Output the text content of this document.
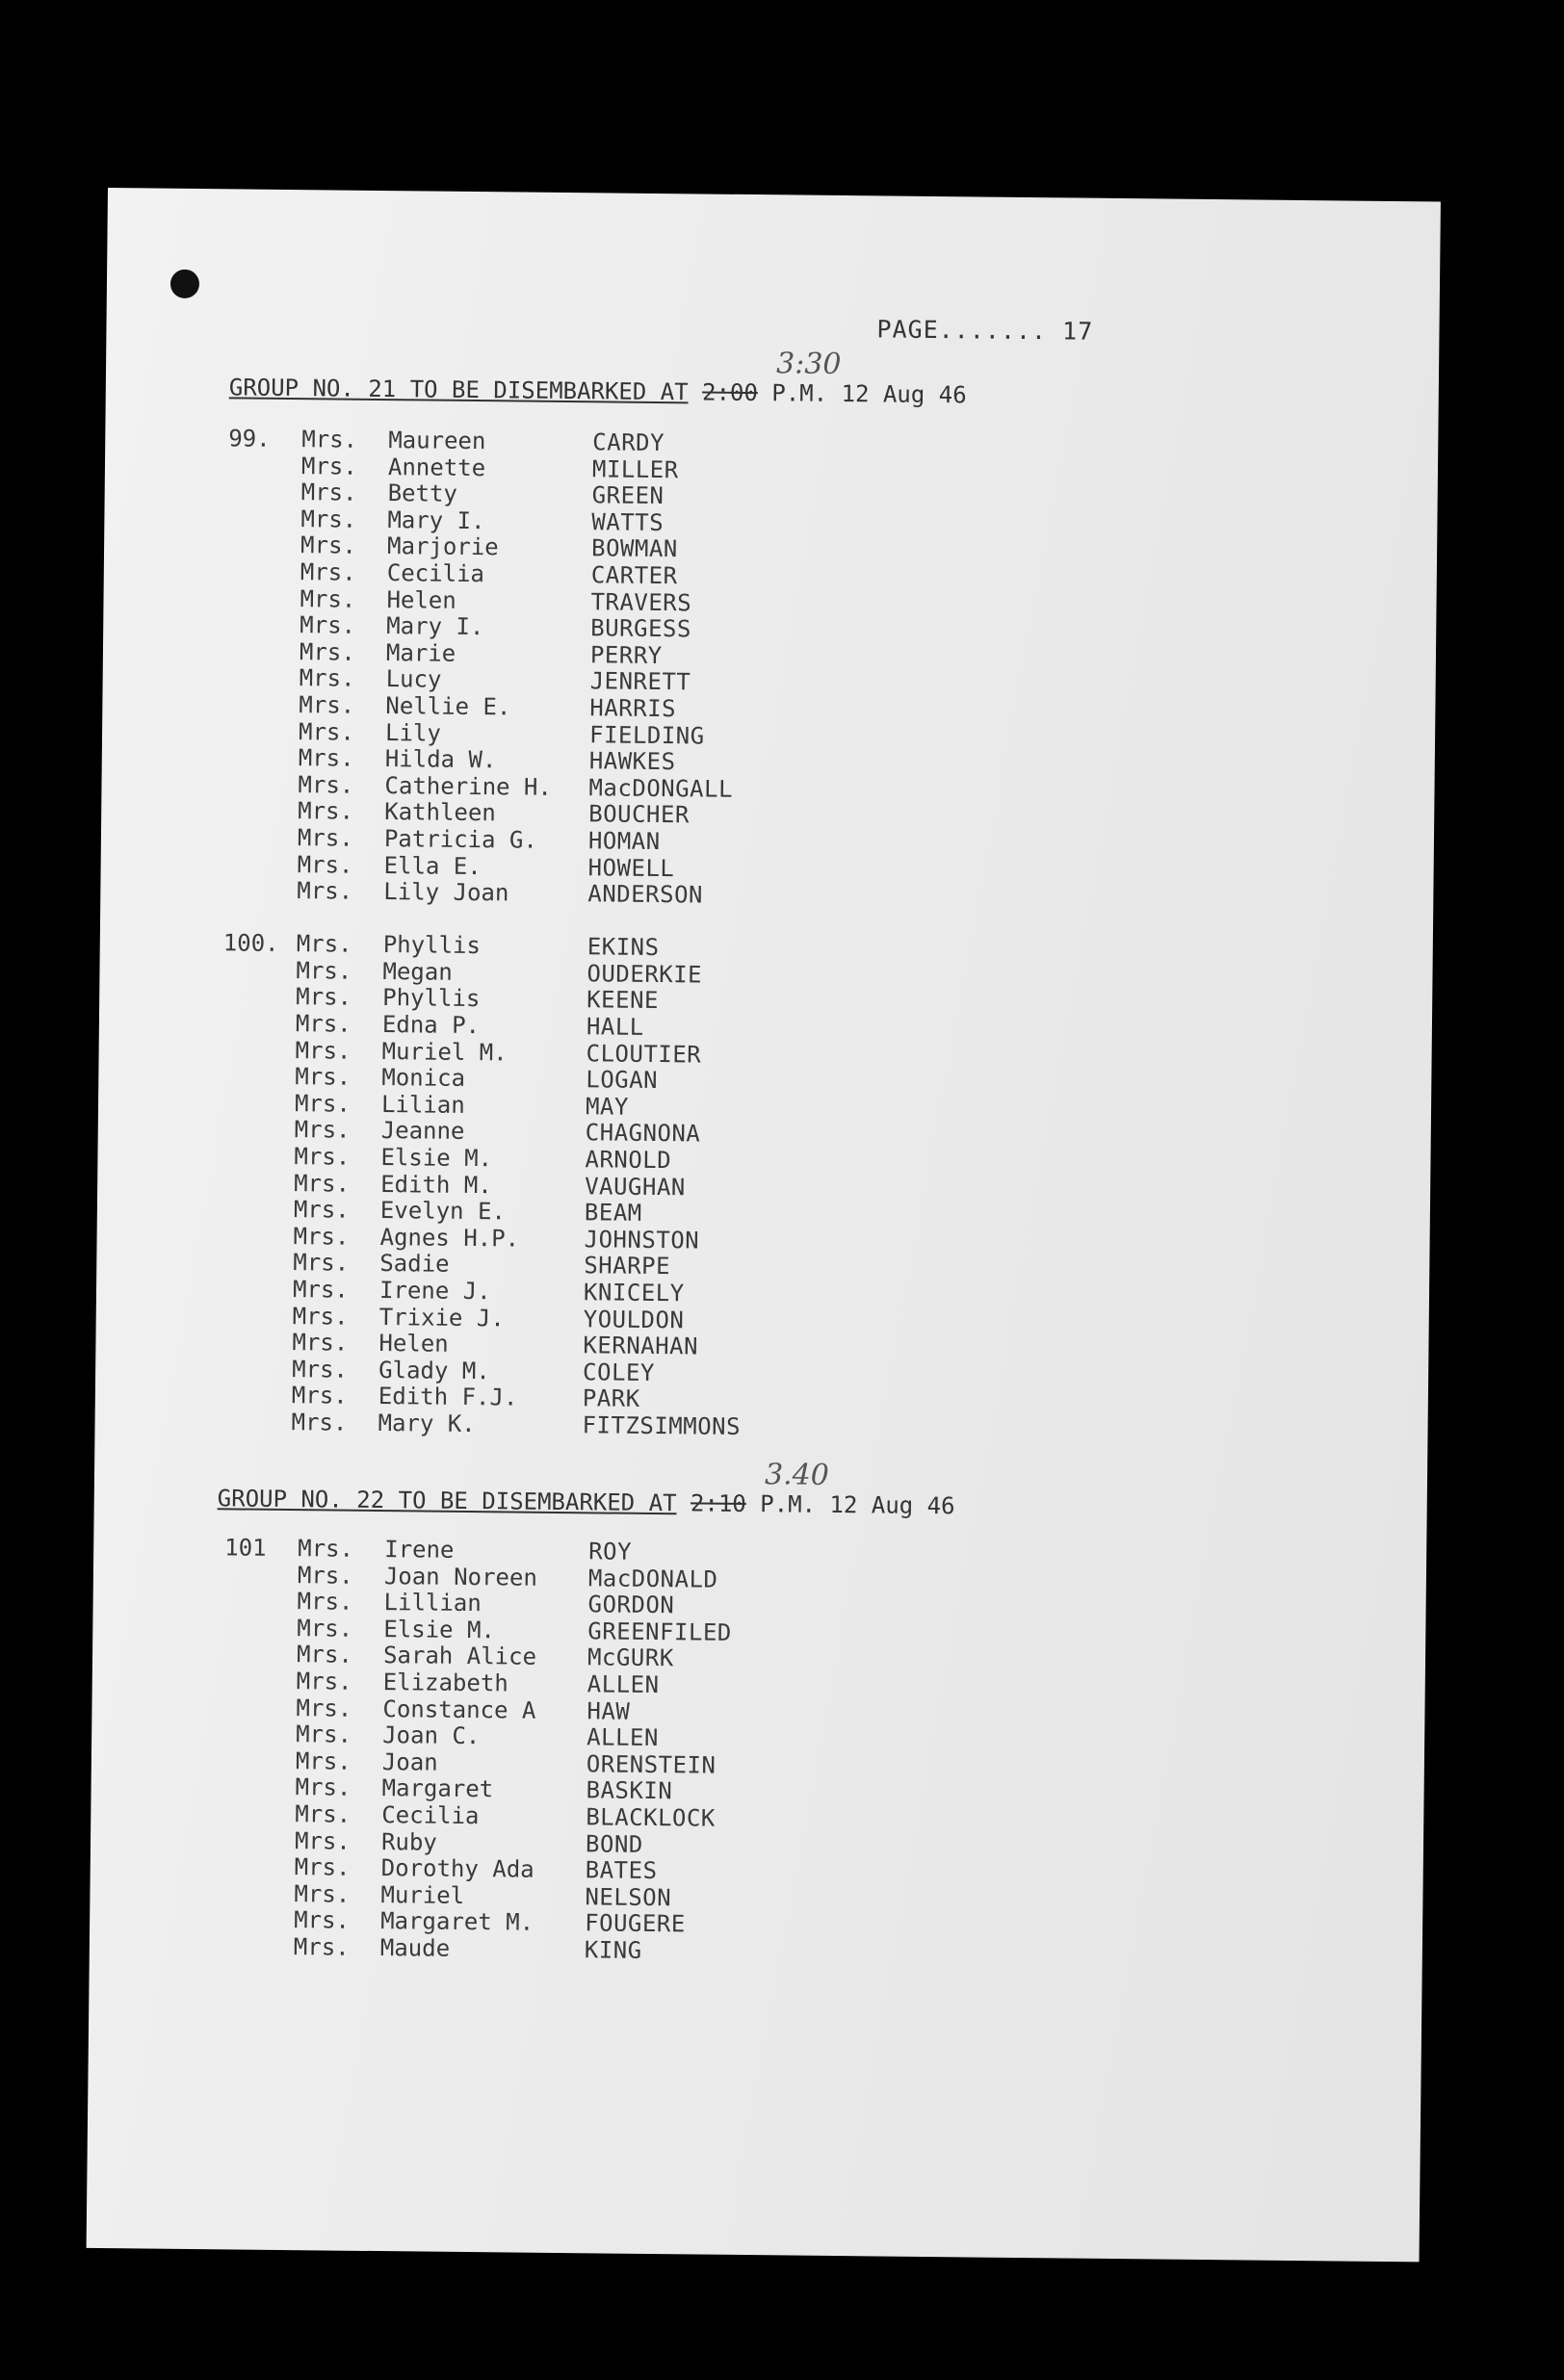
PAGE....... 17
GROUP NO. 21 TO BE DISEMBARKED AT 2:00 P.M. 12 Aug 46
3:30
99.	Mrs.	Maureen	CARDY
Mrs.	Annette	MILLER
Mrs.	Betty	GREEN
Mrs.	Mary I.	WATTS
Mrs.	Marjorie	BOWMAN
Mrs.	Cecilia	CARTER
Mrs.	Helen	TRAVERS
Mrs.	Mary I.	BURGESS
Mrs.	Marie	PERRY
Mrs.	Lucy	JENRETT
Mrs.	Nellie E.	HARRIS
Mrs.	Lily	FIELDING
Mrs.	Hilda W.	HAWKES
Mrs.	Catherine H.	MacDONGALL
Mrs.	Kathleen	BOUCHER
Mrs.	Patricia G.	HOMAN
Mrs.	Ella E.	HOWELL
Mrs.	Lily Joan	ANDERSON
100. Mrs.	Phyllis	EKINS
Mrs.	Megan	OUDERKIE
Mrs.	Phyllis	KEENE
Mrs.	Edna P.	HALL
Mrs.	Muriel M.	CLOUTIER
Mrs.	Monica	LOGAN
Mrs.	Lilian	MAY
Mrs.	Jeanne	CHAGNONA
Mrs.	Elsie M.	ARNOLD
Mrs.	Edith M.	VAUGHAN
Mrs.	Evelyn E.	BEAM
Mrs.	Agnes H.P.	JOHNSTON
Mrs.	Sadie	SHARPE
Mrs.	Irene J.	KNICELY
Mrs.	Trixie J.	YOULDON
Mrs.	Helen	KERNAHAN
Mrs.	Glady M.	COLEY
Mrs.	Edith F.J.	PARK
Mrs.	Mary K.	FITZSIMMONS
GROUP NO. 22 TO BE DISEMBARKED AT 2:10 P.M. 12 Aug 46
3.40
101	Mrs.	Irene	ROY
Mrs.	Joan Noreen	MacDONALD
Mrs.	Lillian	GORDON
Mrs.	Elsie M.	GREENFILED
Mrs.	Sarah Alice	McGURK
Mrs.	Elizabeth	ALLEN
Mrs.	Constance A	HAW
Mrs.	Joan C.	ALLEN
Mrs.	Joan	ORENSTEIN
Mrs.	Margaret	BASKIN
Mrs.	Cecilia	BLACKLOCK
Mrs.	Ruby	BOND
Mrs.	Dorothy Ada	BATES
Mrs.	Muriel	NELSON
Mrs.	Margaret M.	FOUGERE
Mrs.	Maude	KING
